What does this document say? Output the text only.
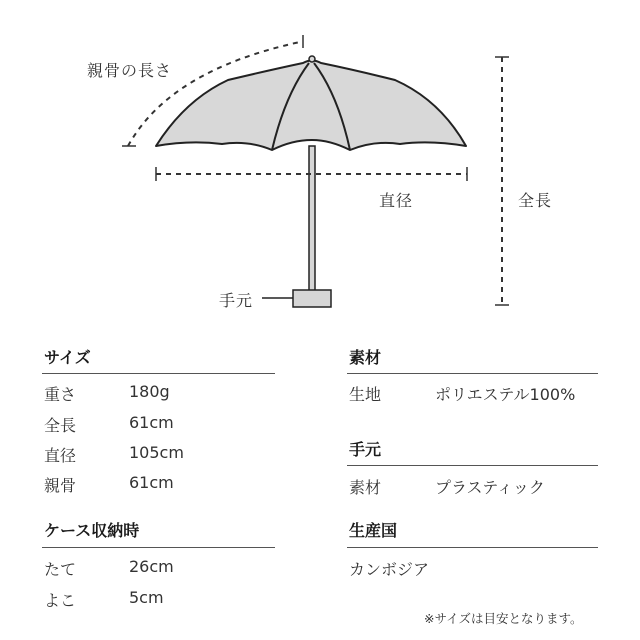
親骨の長さ
直径	全長
手元
サイズ
重さ	180g
全長	61cm
直径	105cm
親骨	61cm
ケース収納時
たて	26cm
よこ	5cm
素材
生地	ポリエステル100%
手元
素材	プラスティック
生産国
カンボジア
※サイズは目安となります。
